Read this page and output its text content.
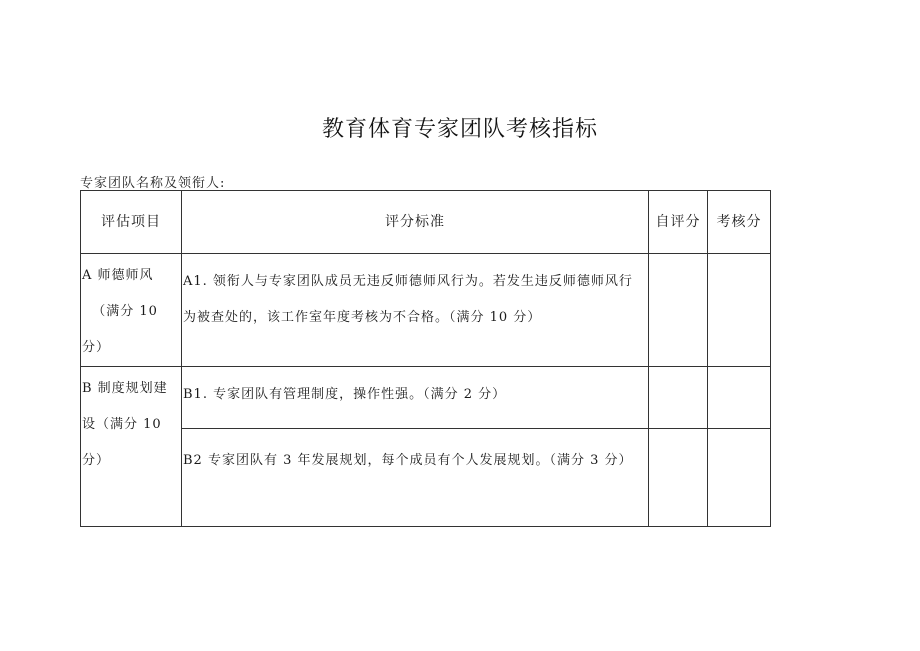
教育体育专家团队考核指标
专家团队名称及领衔人:
评估项目	评分标准	自评分	考核分

A 师德师风
（满分 10
分）	A1. 领衔人与专家团队成员无违反师德师风行为。若发生违反师德师风行为被查处的，该工作室年度考核为不合格。（满分 10 分）		

B 制度规划建
设（满分 10
分）	B1. 专家团队有管理制度，操作性强。（满分 2 分）		

	B2 专家团队有 3 年发展规划，每个成员有个人发展规划。（满分 3 分）		
